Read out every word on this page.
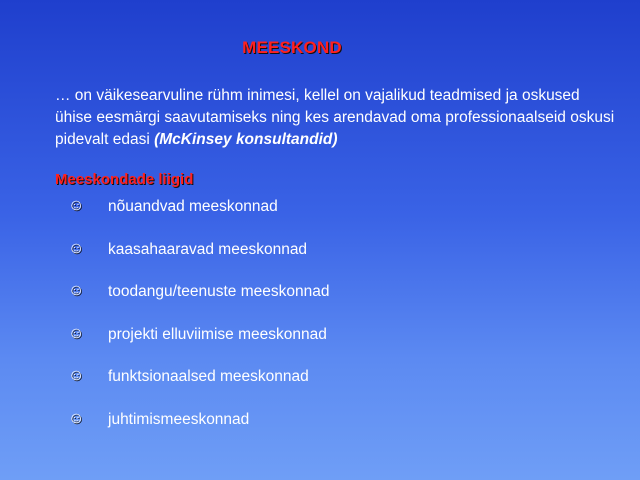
MEESKOND
… on väikesearvuline rühm inimesi, kellel on vajalikud teadmised ja oskused ühise eesmärgi saavutamiseks ning kes arendavad oma professionaalseid oskusi pidevalt edasi (McKinsey konsultandid)
Meeskondade liigid
☺	nõuandvad meeskonnad
☺	kaasahaaravad meeskonnad
☺	toodangu/teenuste meeskonnad
☺	projekti elluviimise meeskonnad
☺	funktsionaalsed meeskonnad
☺	juhtimismeeskonnad
